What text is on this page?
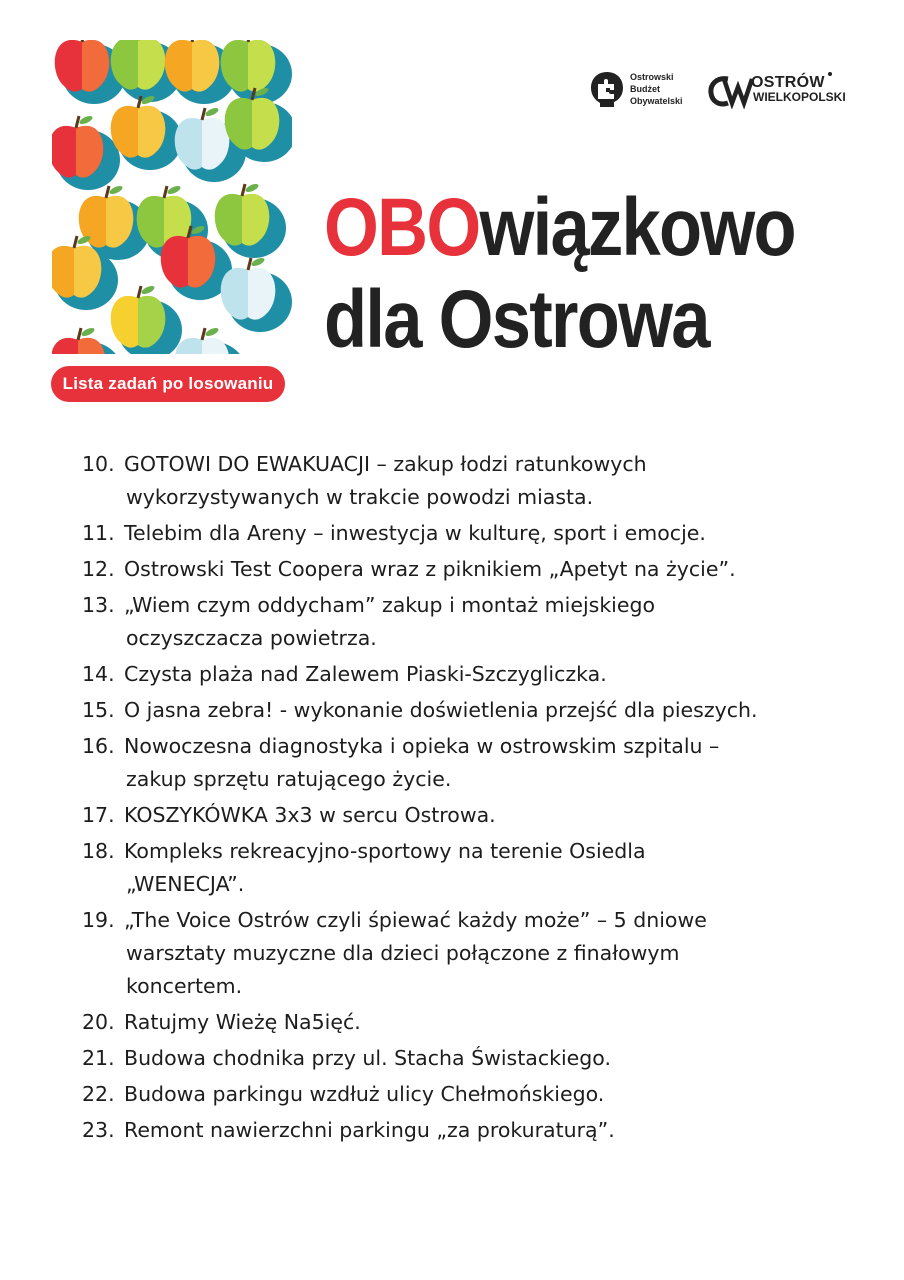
Lista zadań po losowaniu
Ostrowski
Budżet
Obywatelski
OSTRÓW
WIELKOPOLSKI
OBOwiązkowo
dla Ostrowa
10. GOTOWI DO EWAKUACJI – zakup łodzi ratunkowych
wykorzystywanych w trakcie powodzi miasta.
11. Telebim dla Areny – inwestycja w kulturę, sport i emocje.
12. Ostrowski Test Coopera wraz z piknikiem „Apetyt na życie”.
13. „Wiem czym oddycham” zakup i montaż miejskiego
oczyszczacza powietrza.
14. Czysta plaża nad Zalewem Piaski-Szczygliczka.
15. O jasna zebra! - wykonanie doświetlenia przejść dla pieszych.
16. Nowoczesna diagnostyka i opieka w ostrowskim szpitalu –
zakup sprzętu ratującego życie.
17. KOSZYKÓWKA 3x3 w sercu Ostrowa.
18. Kompleks rekreacyjno-sportowy na terenie Osiedla
„WENECJA”.
19. „The Voice Ostrów czyli śpiewać każdy może” – 5 dniowe
warsztaty muzyczne dla dzieci połączone z finałowym
koncertem.
20. Ratujmy Wieżę Na5ięć.
21. Budowa chodnika przy ul. Stacha Świstackiego.
22. Budowa parkingu wzdłuż ulicy Chełmońskiego.
23. Remont nawierzchni parkingu „za prokuraturą”.
